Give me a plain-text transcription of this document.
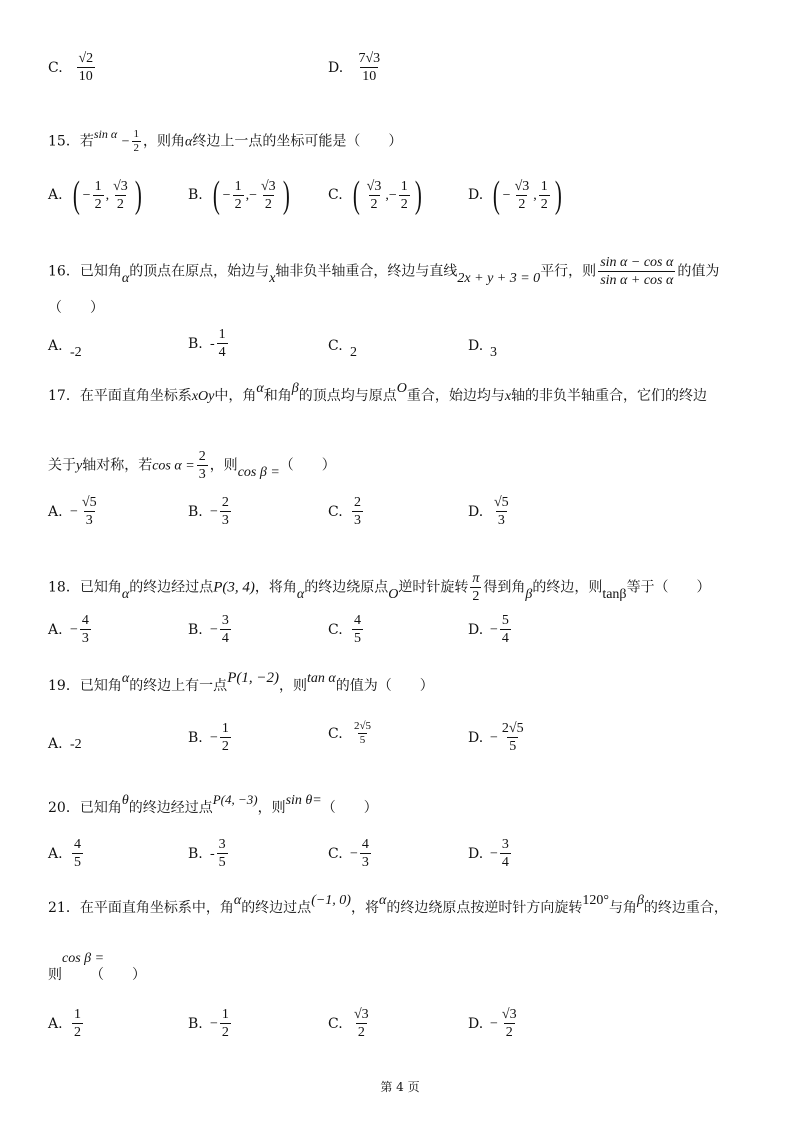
C. $\frac{√2}{10}$	D. $\frac{7√3}{10}$
15．若$\sin \alpha - \frac{1}{2}$ ，则角α终边上一点的坐标可能是（　　）
A. ( − $\frac{1}{2}$ , $\frac{√3}{2}$ )	B. ( − $\frac{1}{2}$ ,− $\frac{√3}{2}$ )	C. ( $\frac{√3}{2}$ ,− $\frac{1}{2}$ )	D. ( − $\frac{√3}{2}$ , $\frac{1}{2}$ )
16．已知角α的顶点在原点，始边与x轴非负半轴重合，终边与直线2x + y + 3 = 0平行，则 $\frac{\text{sin α − cos α}}{\text{sin α + cos α}}$ 的值为
（　　）
A. -2
B. - $\frac{1}{4}$	C. 2	D. 3
17．在平面直角坐标系xOy中，角α和角β的顶点均与原点O重合，始边均与x轴的非负半轴重合，它们的终边
关于y轴对称，若$\cos \alpha = \frac{2}{3}$ ，则cos β =（　　）
A. − $\frac{√5}{3}$	B. − $\frac{2}{3}$	C. $\frac{2}{3}$	D. $\frac{√5}{3}$
18．已知角α的终边经过点P(3, 4)，将角α的终边绕原点O逆时针旋转 $\frac{\pi}{2}$ 得到角β的终边，则tanβ等于（　　）
A. − $\frac{4}{3}$	B. − $\frac{3}{4}$	C. $\frac{4}{5}$	D. − $\frac{5}{4}$
19．已知角α的终边上有一点P(1, −2)，则tan α的值为（　　）
A. -2	B. − $\frac{1}{2}$	C. $\frac{2√5}{5}$	D. − $\frac{2√5}{5}$
20．已知角θ的终边经过点P(4, −3)，则sin θ=（　　）
A. $\frac{4}{5}$	B. - $\frac{3}{5}$	C. − $\frac{4}{3}$	D. − $\frac{3}{4}$
21．在平面直角坐标系中，角α的终边过点(−1, 0)，将α的终边绕原点按逆时针方向旋转120°与角β的终边重合，
cos β =
则 （　　）
A. $\frac{1}{2}$	B. − $\frac{1}{2}$	C. $\frac{√3}{2}$	D. − $\frac{√3}{2}$
第 4 页
